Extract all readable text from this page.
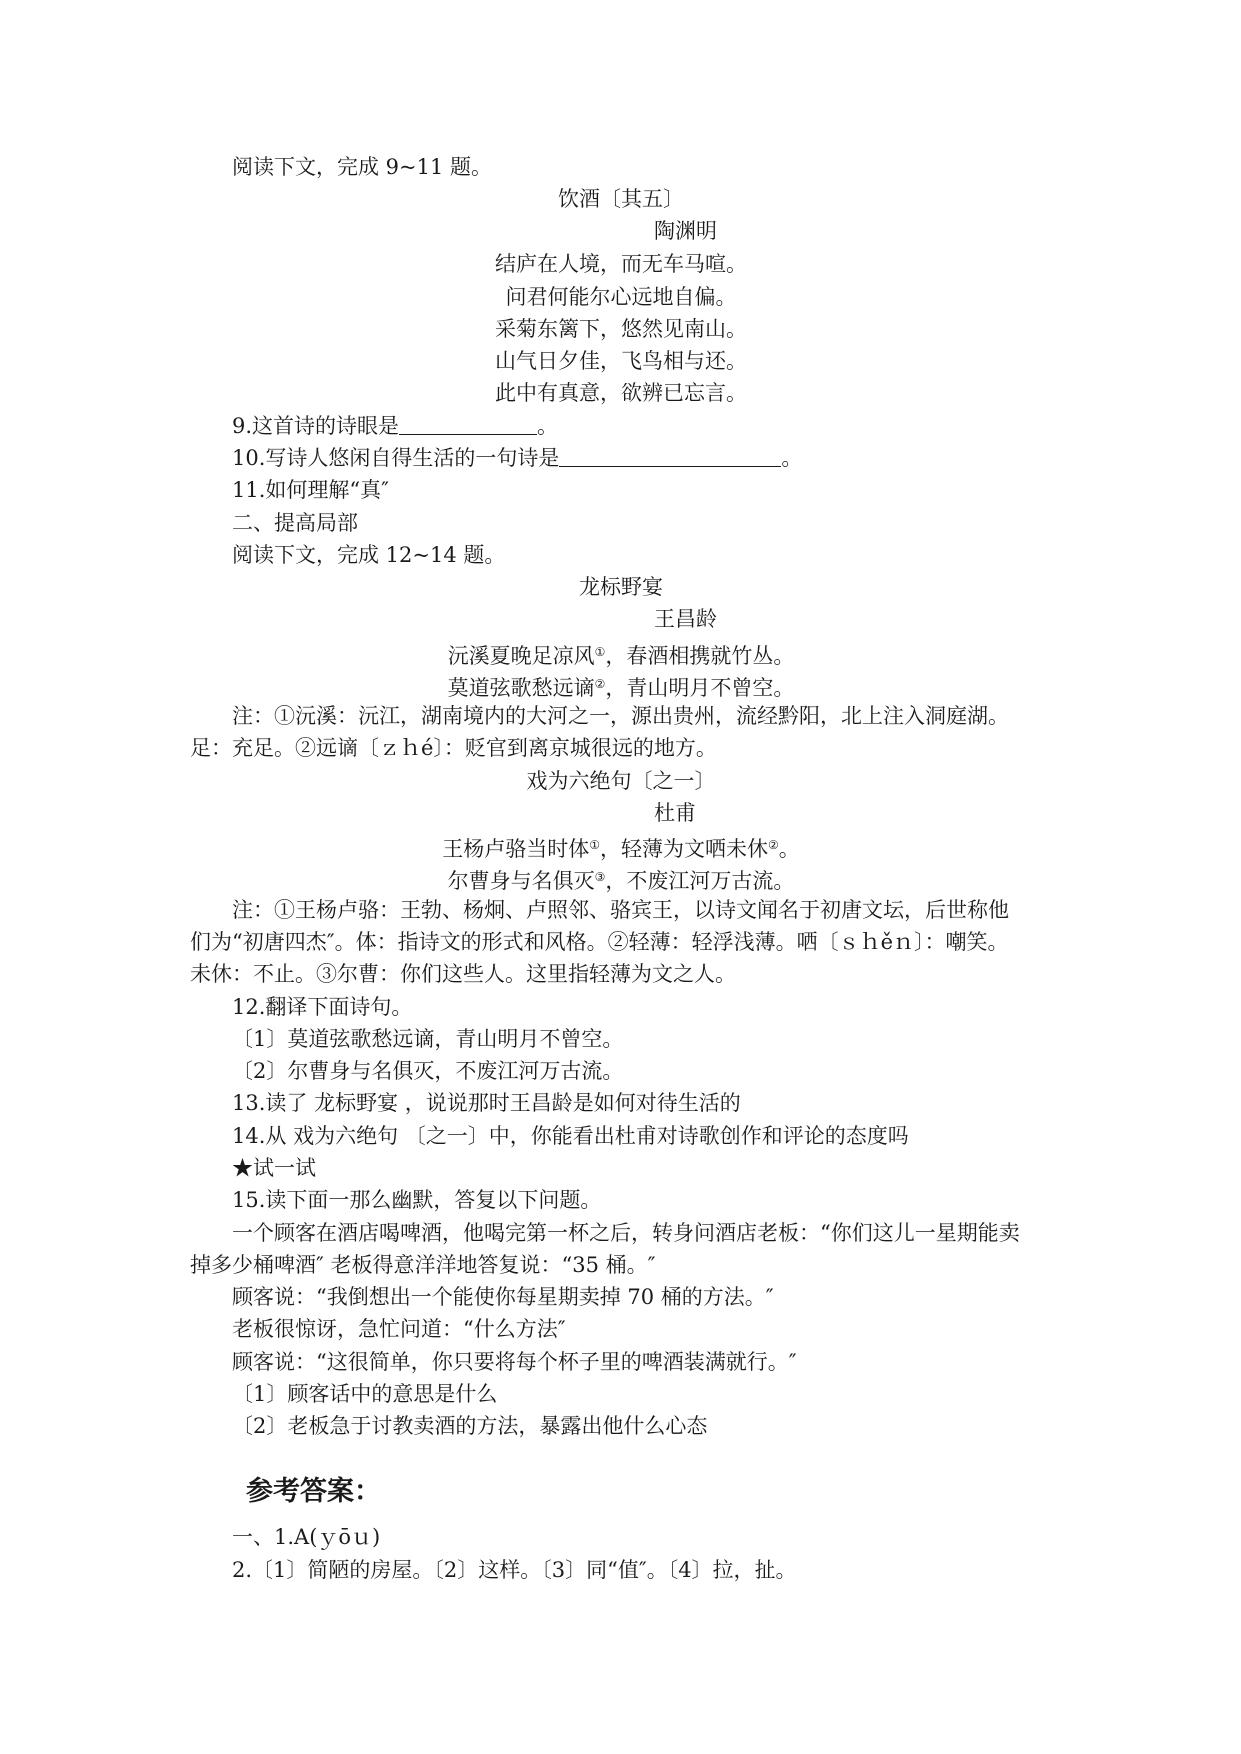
阅读下文，完成 9~11 题。
饮酒〔其五〕
陶渊明
结庐在人境，而无车马喧。
问君何能尔心远地自偏。
采菊东篱下，悠然见南山。
山气日夕佳，飞鸟相与还。
此中有真意，欲辨已忘言。
9.这首诗的诗眼是	。
10.写诗人悠闲自得生活的一句诗是	。
11.如何理解“真″
二、提高局部
阅读下文，完成 12~14 题。
龙标野宴
王昌龄
沅溪夏晚足凉风①，春酒相携就竹丛。
莫道弦歌愁远谪②，青山明月不曾空。
注：①沅溪：沅江，湖南境内的大河之一，源出贵州，流经黔阳，北上注入洞庭湖。
足：充足。②远谪〔ｚｈé〕：贬官到离京城很远的地方。
戏为六绝句〔之一〕
杜甫
王杨卢骆当时体①，轻薄为文哂未休②。
尔曹身与名俱灭③，不废江河万古流。
注：①王杨卢骆：王勃、杨炯、卢照邻、骆宾王，以诗文闻名于初唐文坛，后世称他
们为“初唐四杰″。体：指诗文的形式和风格。②轻薄：轻浮浅薄。哂〔ｓｈěｎ〕：嘲笑。
未休：不止。③尔曹：你们这些人。这里指轻薄为文之人。
12.翻译下面诗句。
〔1〕莫道弦歌愁远谪，青山明月不曾空。
〔2〕尔曹身与名俱灭，不废江河万古流。
13.读了 龙标野宴 ，说说那时王昌龄是如何对待生活的
14.从 戏为六绝句 〔之一〕中，你能看出杜甫对诗歌创作和评论的态度吗
★试一试
15.读下面一那么幽默，答复以下问题。
一个顾客在酒店喝啤酒，他喝完第一杯之后，转身问酒店老板：“你们这儿一星期能卖
掉多少桶啤酒″ 老板得意洋洋地答复说：“35 桶。″
顾客说：“我倒想出一个能使你每星期卖掉 70 桶的方法。″
老板很惊讶，急忙问道：“什么方法″
顾客说：“这很简单，你只要将每个杯子里的啤酒装满就行。″
〔1〕顾客话中的意思是什么
〔2〕老板急于讨教卖酒的方法，暴露出他什么心态
参考答案：
一、1.A(ｙōｕ)
2.〔1〕简陋的房屋。〔2〕这样。〔3〕同“值″。〔4〕拉，扯。
